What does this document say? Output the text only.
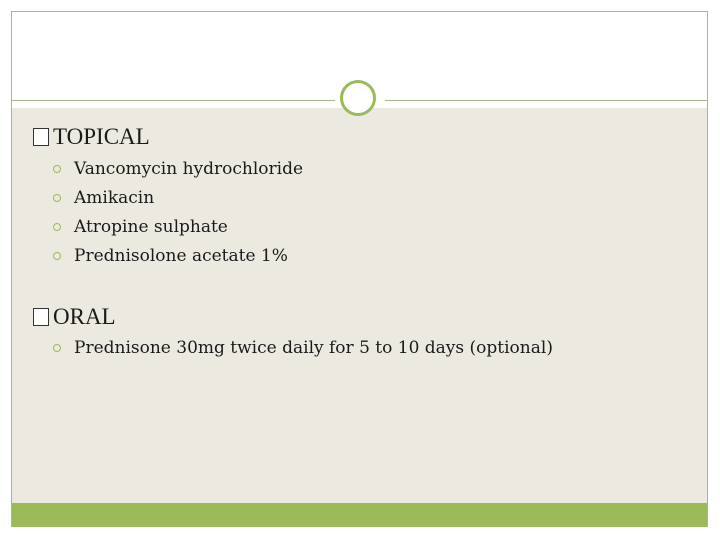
TOPICAL
Vancomycin hydrochloride
Amikacin
Atropine sulphate
Prednisolone acetate 1%
ORAL
Prednisone 30mg twice daily for 5 to 10 days (optional)
